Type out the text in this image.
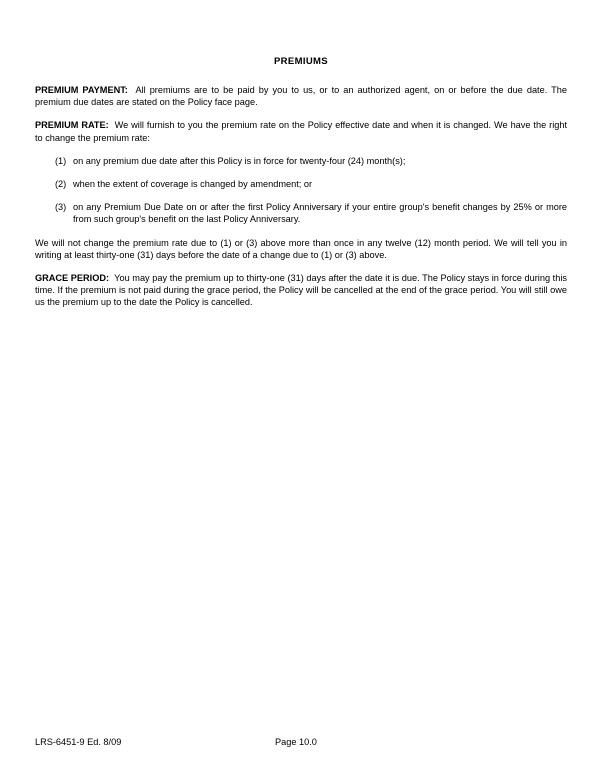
PREMIUMS

PREMIUM PAYMENT: All premiums are to be paid by you to us, or to an authorized agent, on or before the due date. The premium due dates are stated on the Policy face page.

PREMIUM RATE: We will furnish to you the premium rate on the Policy effective date and when it is changed. We have the right to change the premium rate:

(1) on any premium due date after this Policy is in force for twenty-four (24) month(s);
(2) when the extent of coverage is changed by amendment; or
(3) on any Premium Due Date on or after the first Policy Anniversary if your entire group's benefit changes by 25% or more from such group's benefit on the last Policy Anniversary.

We will not change the premium rate due to (1) or (3) above more than once in any twelve (12) month period. We will tell you in writing at least thirty-one (31) days before the date of a change due to (1) or (3) above.

GRACE PERIOD: You may pay the premium up to thirty-one (31) days after the date it is due. The Policy stays in force during this time. If the premium is not paid during the grace period, the Policy will be cancelled at the end of the grace period. You will still owe us the premium up to the date the Policy is cancelled.

LRS-6451-9 Ed. 8/09	Page 10.0
